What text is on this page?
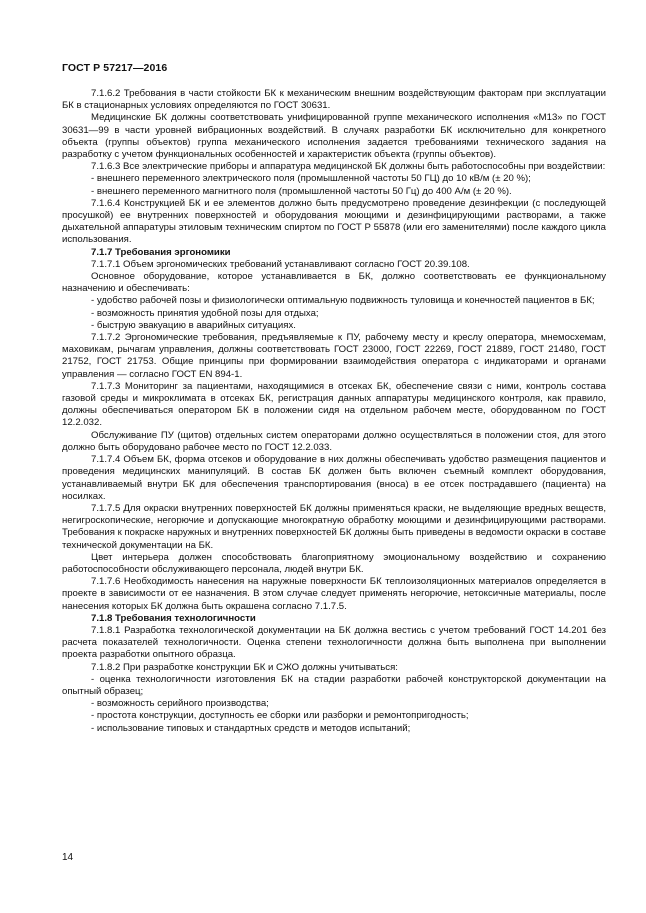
ГОСТ Р 57217—2016

7.1.6.2 Требования в части стойкости БК к механическим внешним воздействующим факторам при эксплуатации БК в стационарных условиях определяются по ГОСТ 30631.

Медицинские БК должны соответствовать унифицированной группе механического исполнения «М13» по ГОСТ 30631—99 в части уровней вибрационных воздействий. В случаях разработки БК исключительно для конкретного объекта (группы объектов) группа механического исполнения задается требованиями технического задания на разработку с учетом функциональных особенностей и характеристик объекта (группы объектов).

7.1.6.3 Все электрические приборы и аппаратура медицинской БК должны быть работоспособны при воздействии:

- внешнего переменного электрического поля (промышленной частоты 50 ГЦ) до 10 кВ/м (± 20 %);

- внешнего переменного магнитного поля (промышленной частоты 50 Гц) до 400 А/м (± 20 %).

7.1.6.4 Конструкцией БК и ее элементов должно быть предусмотрено проведение дезинфекции (с последующей просушкой) ее внутренних поверхностей и оборудования моющими и дезинфицирующими растворами, а также дыхательной аппаратуры этиловым техническим спиртом по ГОСТ Р 55878 (или его заменителями) после каждого цикла использования.

7.1.7 Требования эргономики

7.1.7.1 Объем эргономических требований устанавливают согласно ГОСТ 20.39.108.

Основное оборудование, которое устанавливается в БК, должно соответствовать ее функциональному назначению и обеспечивать:

- удобство рабочей позы и физиологически оптимальную подвижность туловища и конечностей пациентов в БК;

- возможность принятия удобной позы для отдыха;

- быструю эвакуацию в аварийных ситуациях.

7.1.7.2 Эргономические требования, предъявляемые к ПУ, рабочему месту и креслу оператора, мнемосхемам, маховикам, рычагам управления, должны соответствовать ГОСТ 23000, ГОСТ 22269, ГОСТ 21889, ГОСТ 21480, ГОСТ 21752, ГОСТ 21753. Общие принципы при формировании взаимодействия оператора с индикаторами и органами управления — согласно ГОСТ EN 894-1.

7.1.7.3 Мониторинг за пациентами, находящимися в отсеках БК, обеспечение связи с ними, контроль состава газовой среды и микроклимата в отсеках БК, регистрация данных аппаратуры медицинского контроля, как правило, должны обеспечиваться оператором БК в положении сидя на отдельном рабочем месте, оборудованном по ГОСТ 12.2.032.

Обслуживание ПУ (щитов) отдельных систем операторами должно осуществляться в положении стоя, для этого должно быть оборудовано рабочее место по ГОСТ 12.2.033.

7.1.7.4 Объем БК, форма отсеков и оборудование в них должны обеспечивать удобство размещения пациентов и проведения медицинских манипуляций. В состав БК должен быть включен съемный комплект оборудования, устанавливаемый внутри БК для обеспечения транспортирования (вноса) в ее отсек пострадавшего (пациента) на носилках.

7.1.7.5 Для окраски внутренних поверхностей БК должны применяться краски, не выделяющие вредных веществ, негигроскопические, негорючие и допускающие многократную обработку моющими и дезинфицирующими растворами. Требования к покраске наружных и внутренних поверхностей БК должны быть приведены в ведомости окраски в составе технической документации на БК.

Цвет интерьера должен способствовать благоприятному эмоциональному воздействию и сохранению работоспособности обслуживающего персонала, людей внутри БК.

7.1.7.6 Необходимость нанесения на наружные поверхности БК теплоизоляционных материалов определяется в проекте в зависимости от ее назначения. В этом случае следует применять негорючие, нетоксичные материалы, после нанесения которых БК должна быть окрашена согласно 7.1.7.5.

7.1.8 Требования технологичности

7.1.8.1 Разработка технологической документации на БК должна вестись с учетом требований ГОСТ 14.201 без расчета показателей технологичности. Оценка степени технологичности должна быть выполнена при выполнении проекта разработки опытного образца.

7.1.8.2 При разработке конструкции БК и СЖО должны учитываться:

- оценка технологичности изготовления БК на стадии разработки рабочей конструкторской документации на опытный образец;

- возможность серийного производства;

- простота конструкции, доступность ее сборки или разборки и ремонтопригодность;

- использование типовых и стандартных средств и методов испытаний;

14
